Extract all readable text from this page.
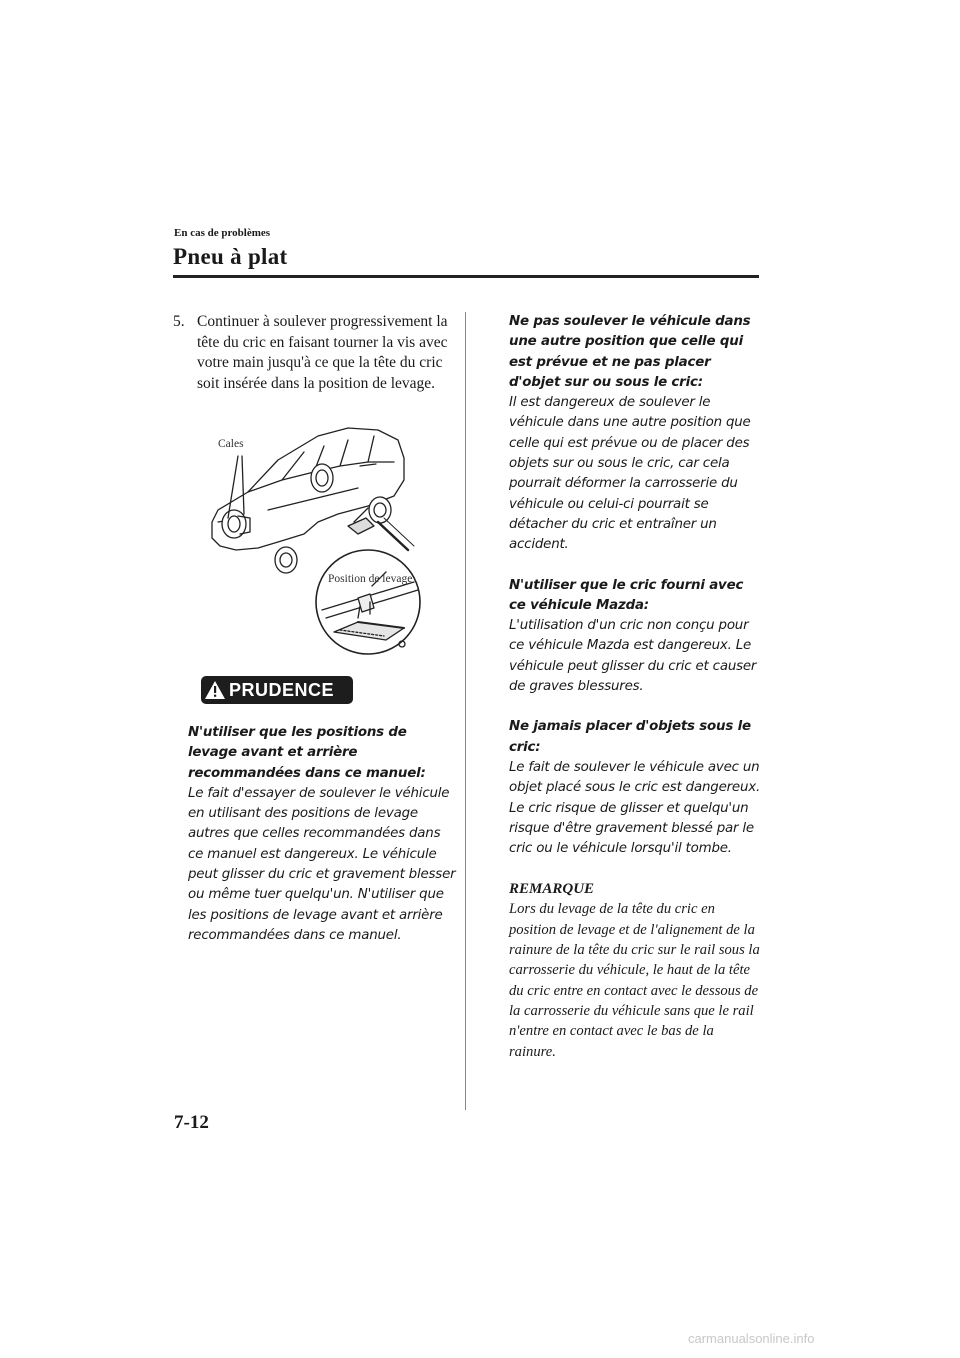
En cas de problèmes
Pneu à plat
5. Continuer à soulever progressivement la tête du cric en faisant tourner la vis avec votre main jusqu'à ce que la tête du cric soit insérée dans la position de levage.
Cales
Position de levage
PRUDENCE
N'utiliser que les positions de levage avant et arrière recommandées dans ce manuel:
Le fait d'essayer de soulever le véhicule en utilisant des positions de levage autres que celles recommandées dans ce manuel est dangereux. Le véhicule peut glisser du cric et gravement blesser ou même tuer quelqu'un. N'utiliser que les positions de levage avant et arrière recommandées dans ce manuel.
Ne pas soulever le véhicule dans une autre position que celle qui est prévue et ne pas placer d'objet sur ou sous le cric:
Il est dangereux de soulever le véhicule dans une autre position que celle qui est prévue ou de placer des objets sur ou sous le cric, car cela pourrait déformer la carrosserie du véhicule ou celui-ci pourrait se détacher du cric et entraîner un accident.
N'utiliser que le cric fourni avec ce véhicule Mazda:
L'utilisation d'un cric non conçu pour ce véhicule Mazda est dangereux. Le véhicule peut glisser du cric et causer de graves blessures.
Ne jamais placer d'objets sous le cric:
Le fait de soulever le véhicule avec un objet placé sous le cric est dangereux. Le cric risque de glisser et quelqu'un risque d'être gravement blessé par le cric ou le véhicule lorsqu'il tombe.
REMARQUE
Lors du levage de la tête du cric en position de levage et de l'alignement de la rainure de la tête du cric sur le rail sous la carrosserie du véhicule, le haut de la tête du cric entre en contact avec le dessous de la carrosserie du véhicule sans que le rail n'entre en contact avec le bas de la rainure.
7-12
carmanualsonline.info
